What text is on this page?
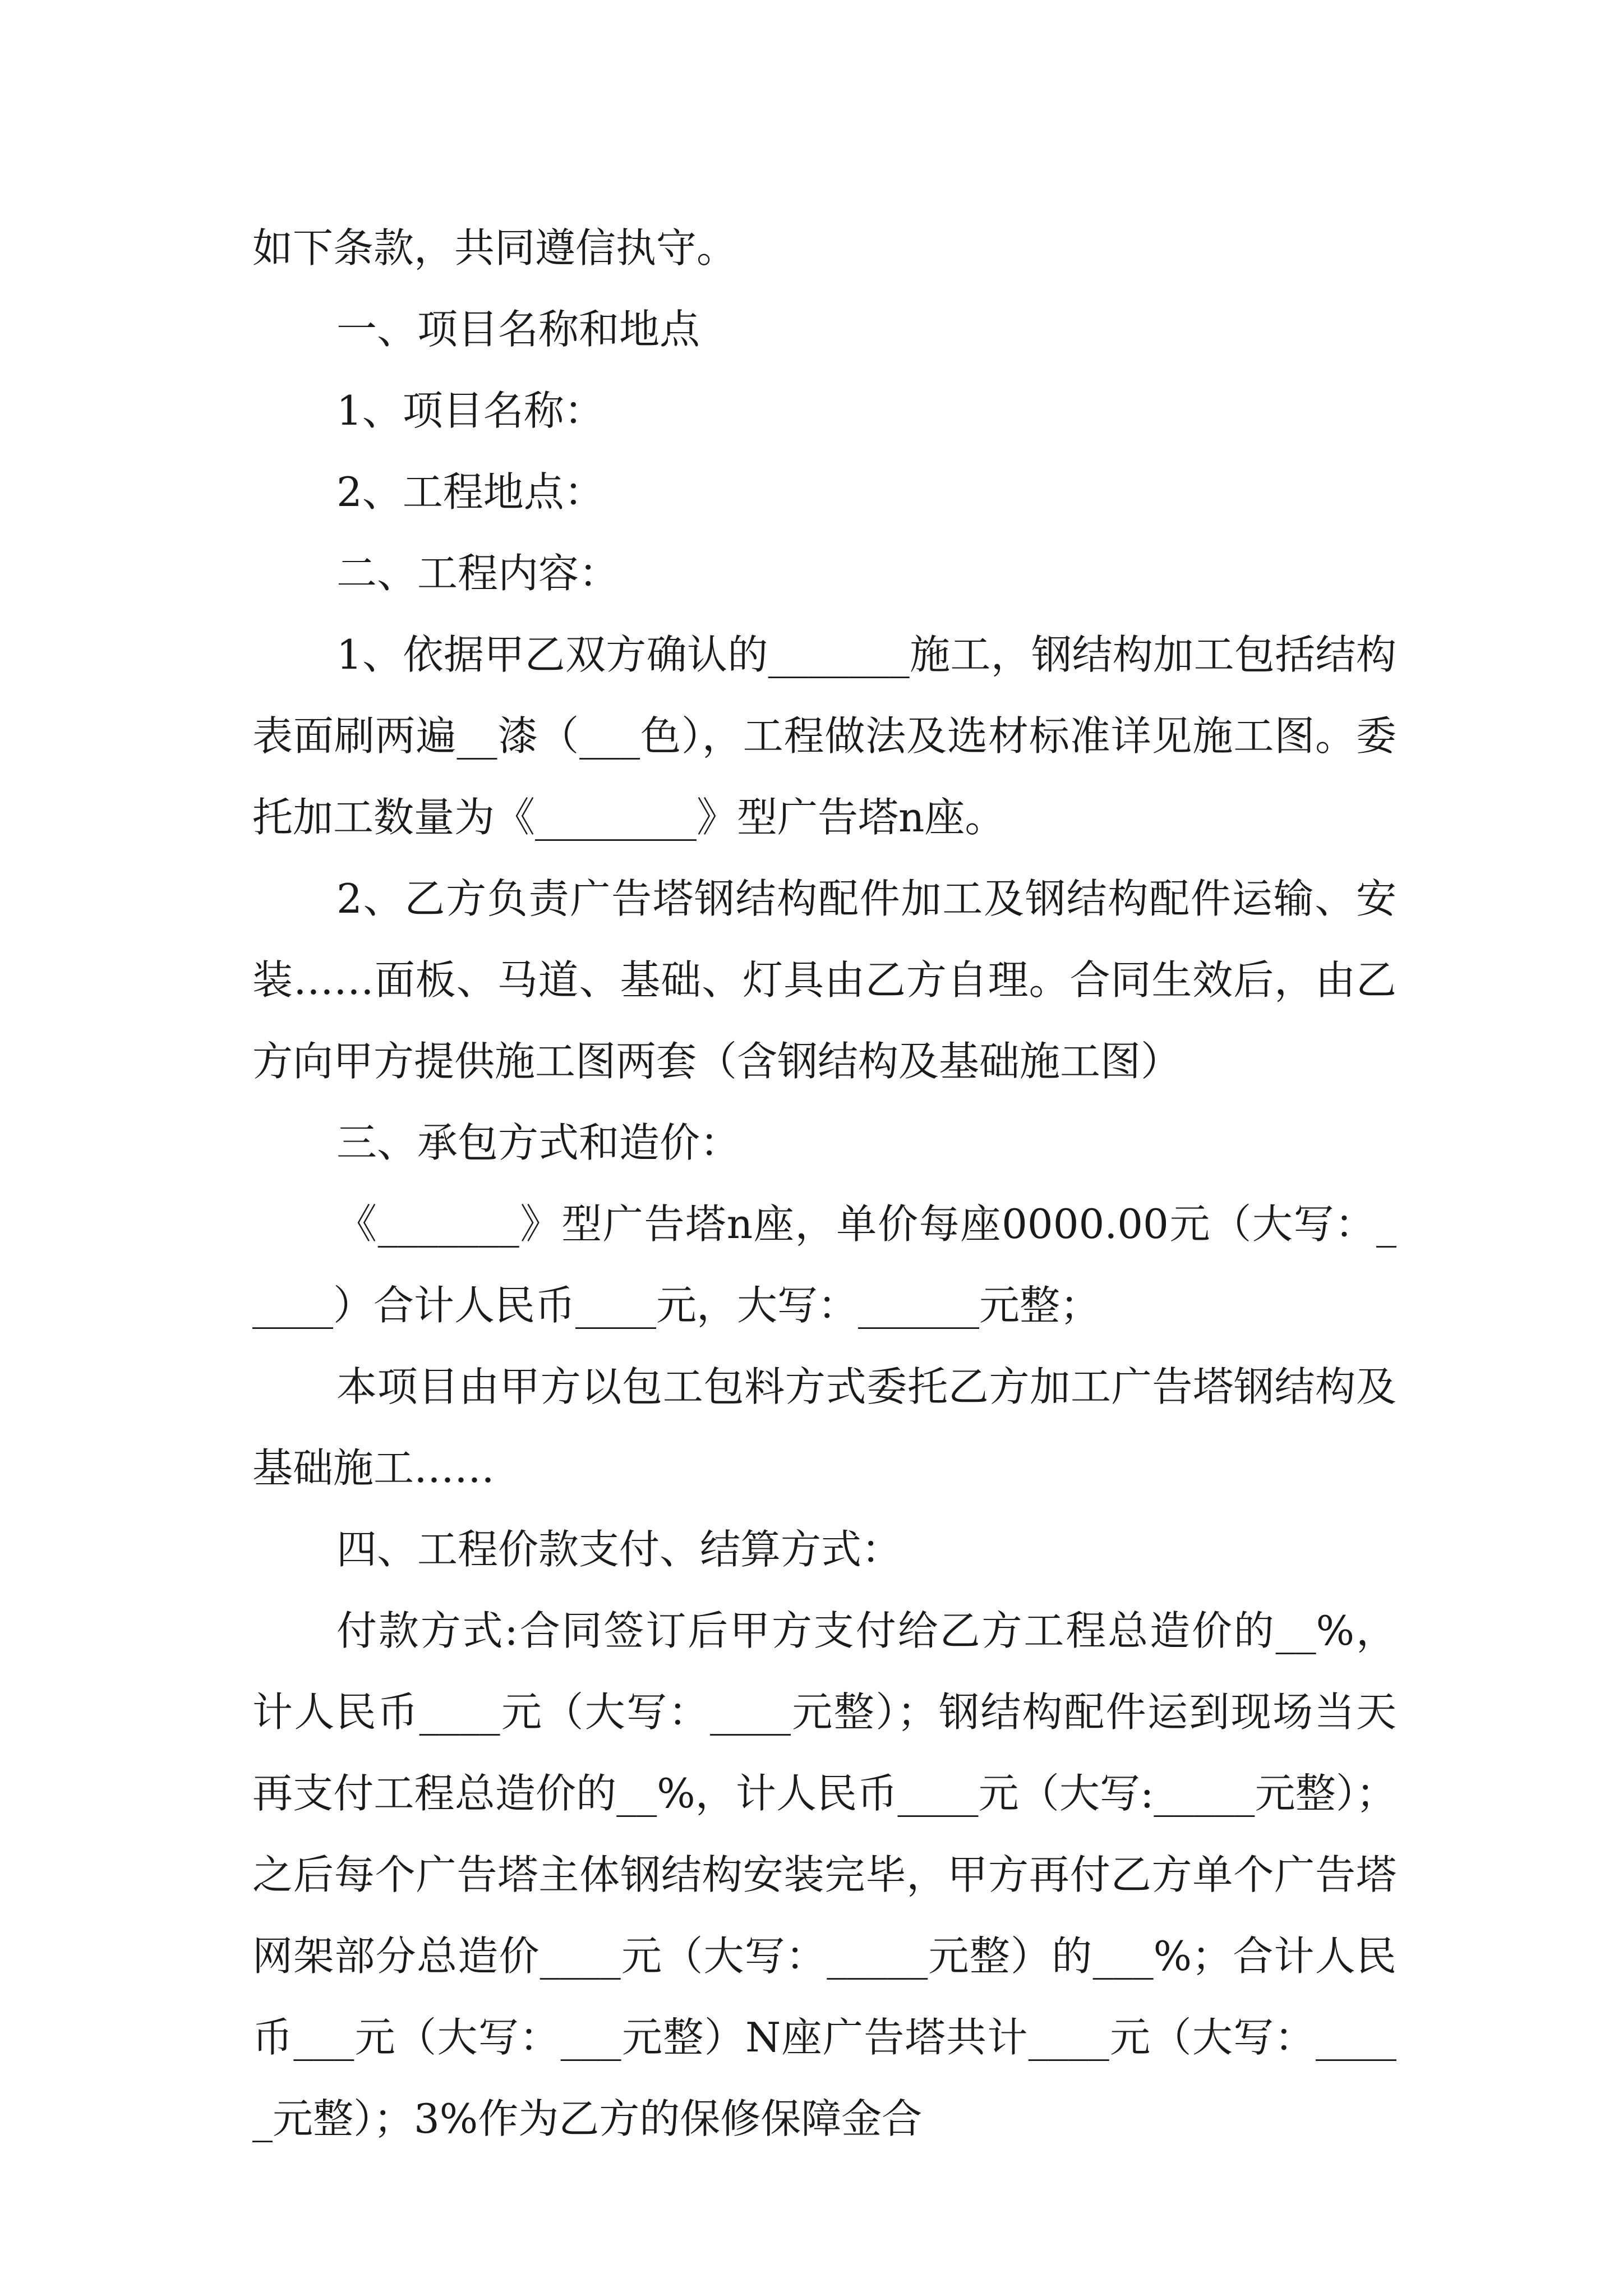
如下条款，共同遵信执守。

一、项目名称和地点

1、项目名称：

2、工程地点：

二、工程内容：

1、依据甲乙双方确认的_______施工，钢结构加工包括结构表面刷两遍__漆（___色），工程做法及选材标准详见施工图。委托加工数量为《________》型广告塔n座。

2、乙方负责广告塔钢结构配件加工及钢结构配件运输、安装……面板、马道、基础、灯具由乙方自理。合同生效后，由乙方向甲方提供施工图两套（含钢结构及基础施工图）

三、承包方式和造价：

《_______》型广告塔n座，单价每座0000.00元（大写：_____）合计人民币____元，大写：______元整；

本项目由甲方以包工包料方式委托乙方加工广告塔钢结构及基础施工……

四、工程价款支付、结算方式：

付款方式:合同签订后甲方支付给乙方工程总造价的__%，计人民币____元（大写：____元整）；钢结构配件运到现场当天再支付工程总造价的__%，计人民币____元（大写:_____元整）；之后每个广告塔主体钢结构安装完毕，甲方再付乙方单个广告塔网架部分总造价____元（大写：_____元整）的___%；合计人民币___元（大写：___元整）N座广告塔共计____元（大写：_____元整）；3%作为乙方的保修保障金合
